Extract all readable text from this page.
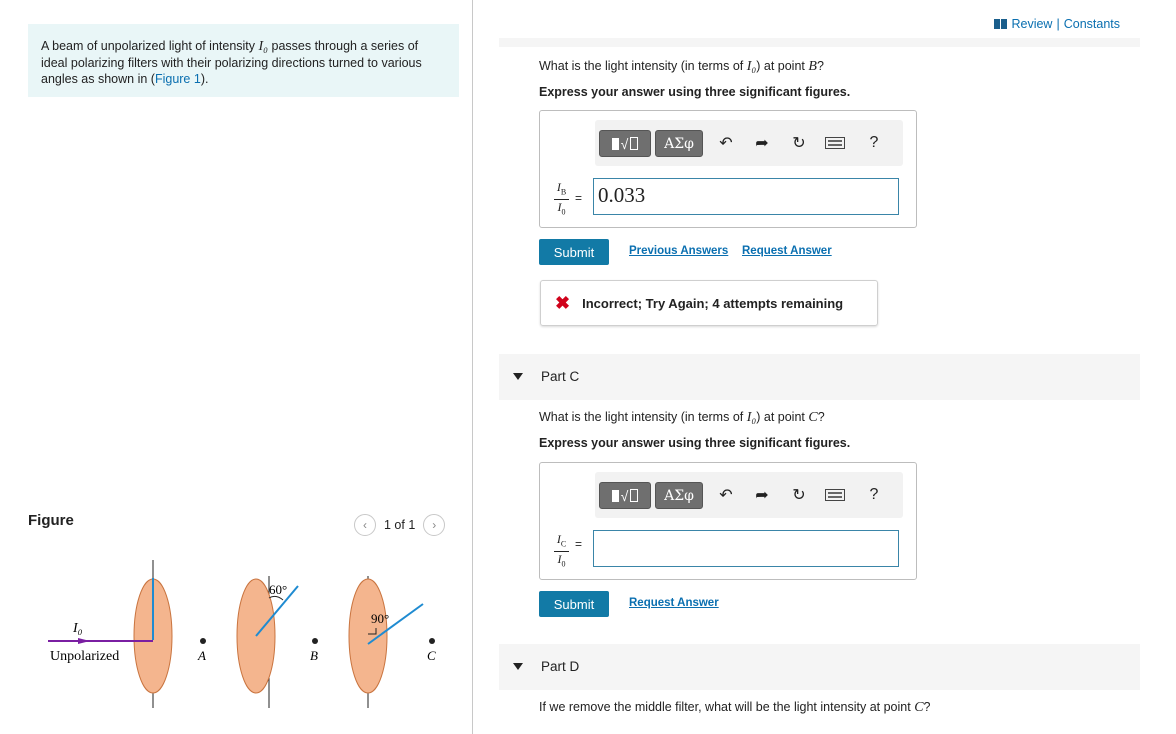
A beam of unpolarized light of intensity I₀ passes through a series of ideal polarizing filters with their polarizing directions turned to various angles as shown in (Figure 1).
Figure	‹	1 of 1	›
I₀
Unpolarized	A
60°
B
90°
C
Review | Constants
What is the light intensity (in terms of I₀) at point B?
Express your answer using three significant figures.
√	ΑΣφ	↶ ➦ ↻	?
$I_B$
$I_0$
= 0.033
Submit	Previous Answers Request Answer
✖ Incorrect; Try Again; 4 attempts remaining
Part C
What is the light intensity (in terms of I₀) at point C?
Express your answer using three significant figures.
√	ΑΣφ	↶ ➦ ↻	?
$I_C$
$I_0$
=
Submit	Request Answer
Part D
If we remove the middle filter, what will be the light intensity at point C?
